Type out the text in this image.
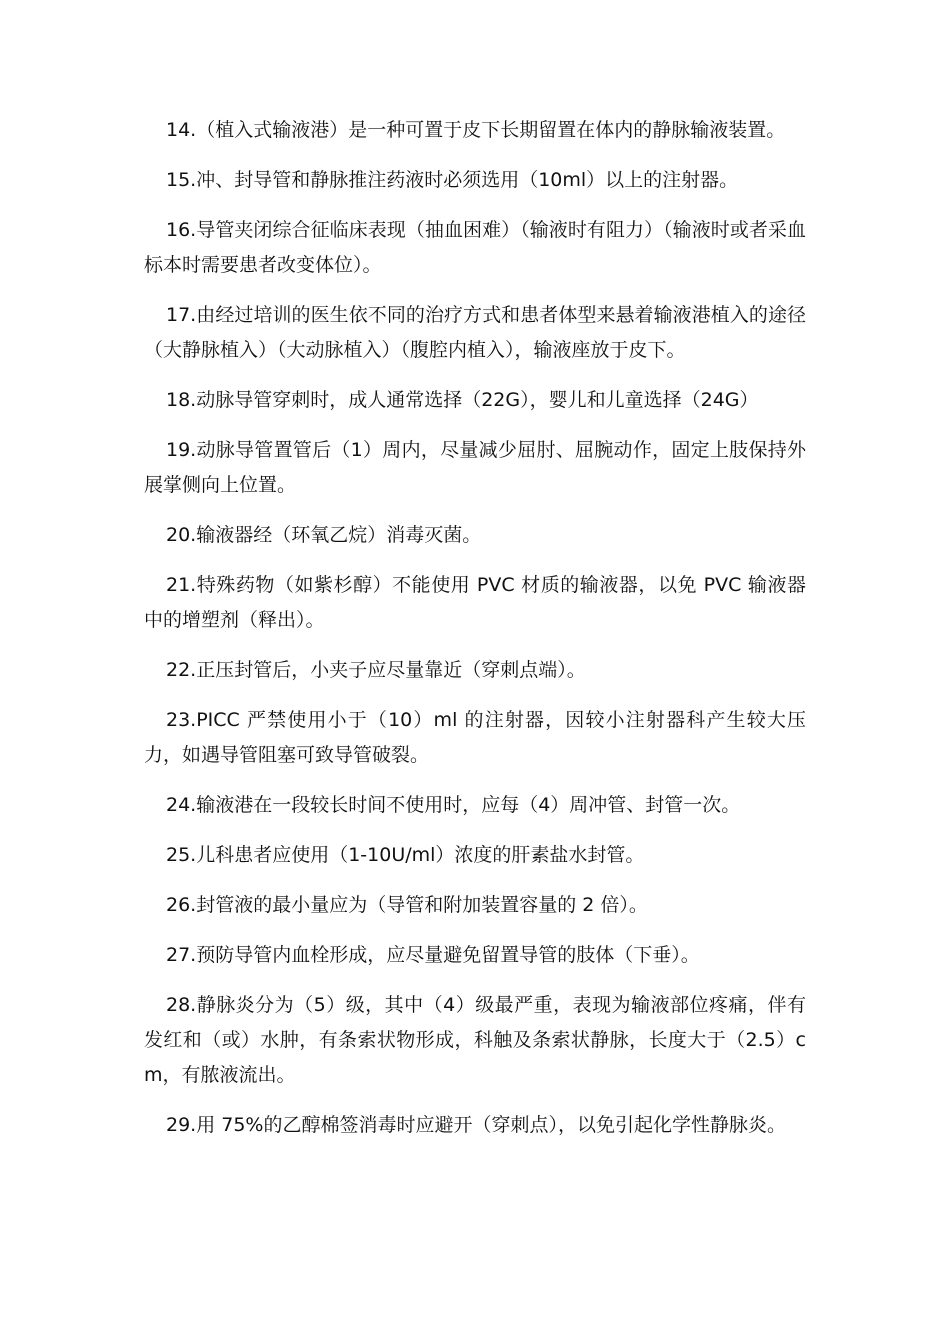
14.（植入式输液港）是一种可置于皮下长期留置在体内的静脉输液装置。

15.冲、封导管和静脉推注药液时必须选用（10ml）以上的注射器。

16.导管夹闭综合征临床表现（抽血困难）（输液时有阻力）（输液时或者采血标本时需要患者改变体位）。

17.由经过培训的医生依不同的治疗方式和患者体型来悬着输液港植入的途径（大静脉植入）（大动脉植入）（腹腔内植入），输液座放于皮下。

18.动脉导管穿刺时，成人通常选择（22G），婴儿和儿童选择（24G）

19.动脉导管置管后（1）周内，尽量减少屈肘、屈腕动作，固定上肢保持外展掌侧向上位置。

20.输液器经（环氧乙烷）消毒灭菌。

21.特殊药物（如紫杉醇）不能使用 PVC 材质的输液器，以免 PVC 输液器中的增塑剂（释出）。

22.正压封管后，小夹子应尽量靠近（穿刺点端）。

23.PICC 严禁使用小于（10）ml 的注射器，因较小注射器科产生较大压力，如遇导管阻塞可致导管破裂。

24.输液港在一段较长时间不使用时，应每（4）周冲管、封管一次。

25.儿科患者应使用（1-10U/ml）浓度的肝素盐水封管。

26.封管液的最小量应为（导管和附加装置容量的 2 倍）。

27.预防导管内血栓形成，应尽量避免留置导管的肢体（下垂）。

28.静脉炎分为（5）级，其中（4）级最严重，表现为输液部位疼痛，伴有发红和（或）水肿，有条索状物形成，科触及条索状静脉，长度大于（2.5）cm，有脓液流出。

29.用 75%的乙醇棉签消毒时应避开（穿刺点），以免引起化学性静脉炎。
